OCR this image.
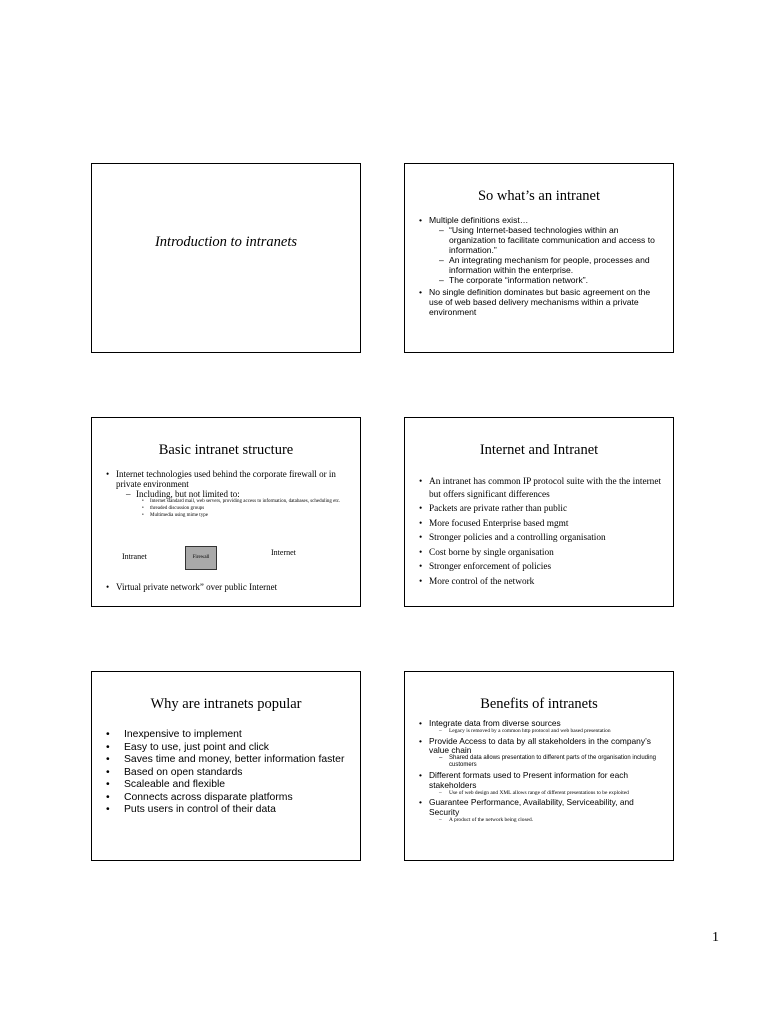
Introduction to intranets
So what’s an intranet
• Multiple definitions exist…
– “Using Internet-based technologies within an organization to facilitate communication and access to information.”
– An integrating mechanism for people, processes and information within the enterprise.
– The corporate “information network”.
• No single definition dominates but basic agreement on the use of web based delivery mechanisms within a private environment
Basic intranet structure
• Internet technologies used behind the corporate firewall or in private environment
– Including, but not limited to:
• Internet standard mail, web servers, providing access to information, databases, scheduling etc.
• threaded discussion groups
• Multimedia using mime type
Intranet	Firewall
Internet
• Virtual private network” over public Internet
Internet and Intranet
• An intranet has common IP protocol suite with the the internet but offers significant differences
• Packets are private rather than public
• More focused Enterprise based mgmt
• Stronger policies and a controlling organisation
• Cost borne by single organisation
• Stronger enforcement of policies
• More control of the network
Why are intranets popular
• Inexpensive to implement
• Easy to use, just point and click
• Saves time and money, better information faster
• Based on open standards
• Scaleable and flexible
• Connects across disparate platforms
• Puts users in control of their data
Benefits of intranets
• Integrate data from diverse sources
– Legacy is removed by a common http protocol and web based presentation
• Provide Access to data by all stakeholders in the company’s value chain
– Shared data allows presentation to different parts of the organisation including customers
• Different formats used to Present information for each stakeholders
– Use of web design and XML allows range of different presentations to be exploited
• Guarantee Performance, Availability, Serviceability, and Security
– A product of the network being closed.
1
